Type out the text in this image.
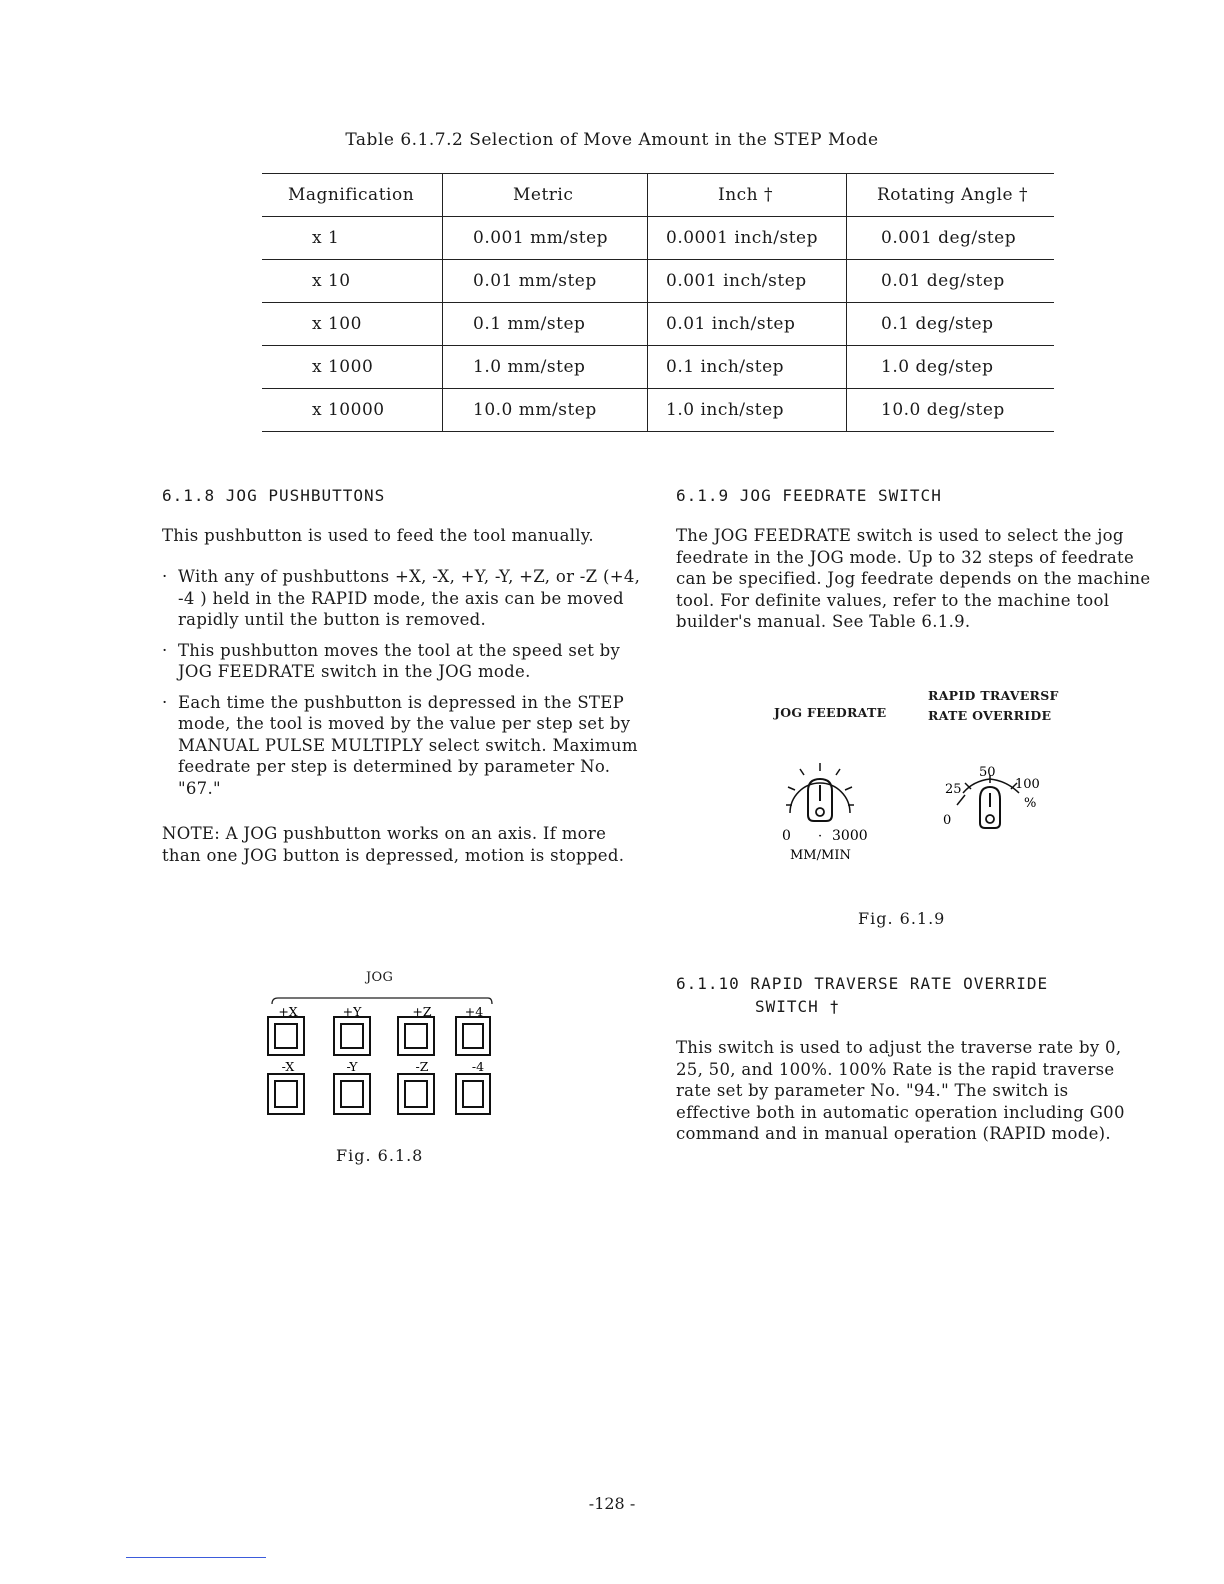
Table 6.1.7.2 Selection of Move Amount in the STEP Mode
Magnification	Metric	Inch †	Rotating Angle †
x 1	0.001 mm/step	0.0001 inch/step	0.001 deg/step
x 10	0.01 mm/step	0.001 inch/step	0.01 deg/step
x 100	0.1 mm/step	0.01 inch/step	0.1 deg/step
x 1000	1.0 mm/step	0.1 inch/step	1.0 deg/step
x 10000	10.0 mm/step	1.0 inch/step	10.0 deg/step
6.1.8 JOG PUSHBUTTONS
This pushbutton is used to feed the tool manually.
· With any of pushbuttons +X, -X, +Y, -Y, +Z, or -Z (+4, -4 ) held in the RAPID mode, the axis can be moved rapidly until the button is removed.
· This pushbutton moves the tool at the speed set by JOG FEEDRATE switch in the JOG mode.
· Each time the pushbutton is depressed in the STEP mode, the tool is moved by the value per step set by MANUAL PULSE MULTIPLY select switch. Maximum feedrate per step is determined by parameter No. "67."
NOTE: A JOG pushbutton works on an axis. If more than one JOG button is depressed, motion is stopped.
JOG
+X	+Y	+Z	+4
-X	-Y	-Z	-4
Fig. 6.1.8
6.1.9 JOG FEEDRATE SWITCH
The JOG FEEDRATE switch is used to select the jog feedrate in the JOG mode. Up to 32 steps of feedrate can be specified. Jog feedrate depends on the machine tool. For definite values, refer to the machine tool builder's manual. See Table 6.1.9.
JOG FEEDRATE
RAPID TRAVERSF
RATE OVERRIDE
0 · 3000
MM/MIN
0
25
50
100
%
Fig. 6.1.9
6.1.10 RAPID TRAVERSE RATE OVERRIDE
SWITCH †
This switch is used to adjust the traverse rate by 0, 25, 50, and 100%. 100% Rate is the rapid traverse rate set by parameter No. "94." The switch is effective both in automatic operation including G00 command and in manual operation (RAPID mode).
-128 -
